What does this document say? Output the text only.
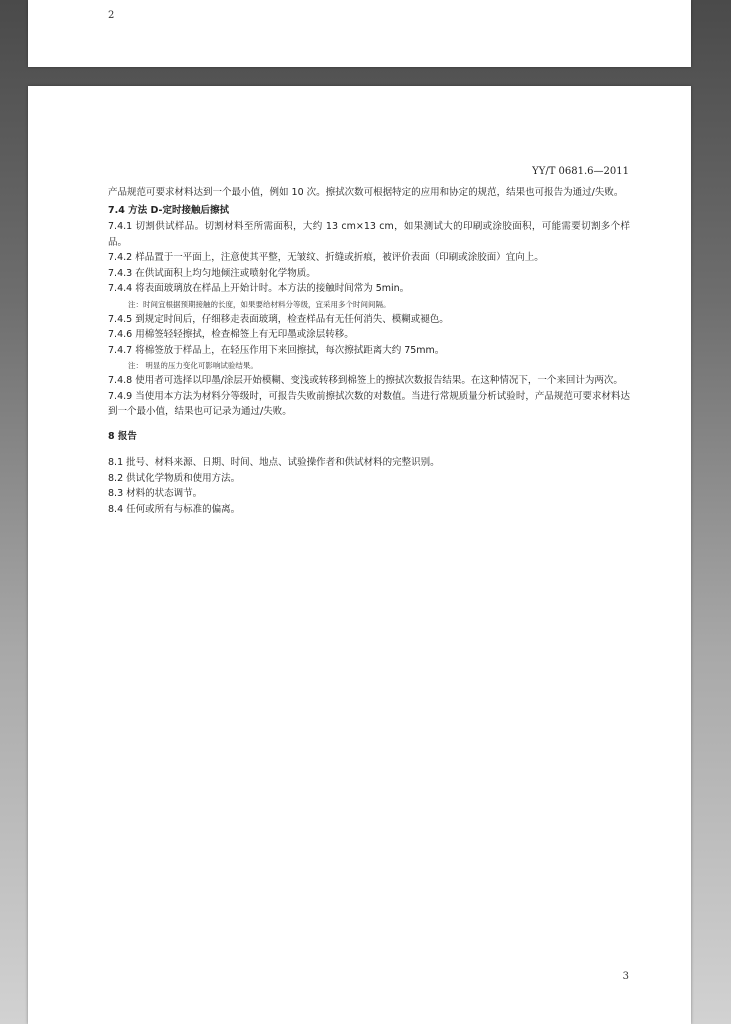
2
YY/T 0681.6—2011

产品规范可要求材料达到一个最小值，例如 10 次。擦拭次数可根据特定的应用和协定的规范，结果也可报告为通过/失败。

7.4 方法 D-定时接触后擦拭

7.4.1 切割供试样品。切割材料至所需面积，大约 13 cm×13 cm，如果测试大的印刷或涂胶面积，可能需要切割多个样品。

7.4.2 样品置于一平面上，注意使其平整，无皱纹、折缝或折痕，被评价表面（印刷或涂胶面）宜向上。

7.4.3 在供试面积上均匀地倾注或喷射化学物质。

7.4.4 将表面玻璃放在样品上开始计时。本方法的接触时间常为 5min。

注：时间宜根据预期接触的长度，如果要给材料分等级，宜采用多个时间间隔。

7.4.5 到规定时间后，仔细移走表面玻璃，检查样品有无任何消失、模糊或褪色。

7.4.6 用棉签轻轻擦拭，检查棉签上有无印墨或涂层转移。

7.4.7 将棉签放于样品上，在轻压作用下来回擦拭，每次擦拭距离大约 75mm。

注： 明显的压力变化可影响试验结果。

7.4.8 使用者可选择以印墨/涂层开始模糊、变浅或转移到棉签上的擦拭次数报告结果。在这种情况下，一个来回计为两次。

7.4.9 当使用本方法为材料分等级时，可报告失败前擦拭次数的对数值。当进行常规质量分析试验时，产品规范可要求材料达到一个最小值，结果也可记录为通过/失败。

8 报告

8.1 批号、材料来源、日期、时间、地点、试验操作者和供试材料的完整识别。

8.2 供试化学物质和使用方法。

8.3 材料的状态调节。

8.4 任何或所有与标准的偏离。

3
